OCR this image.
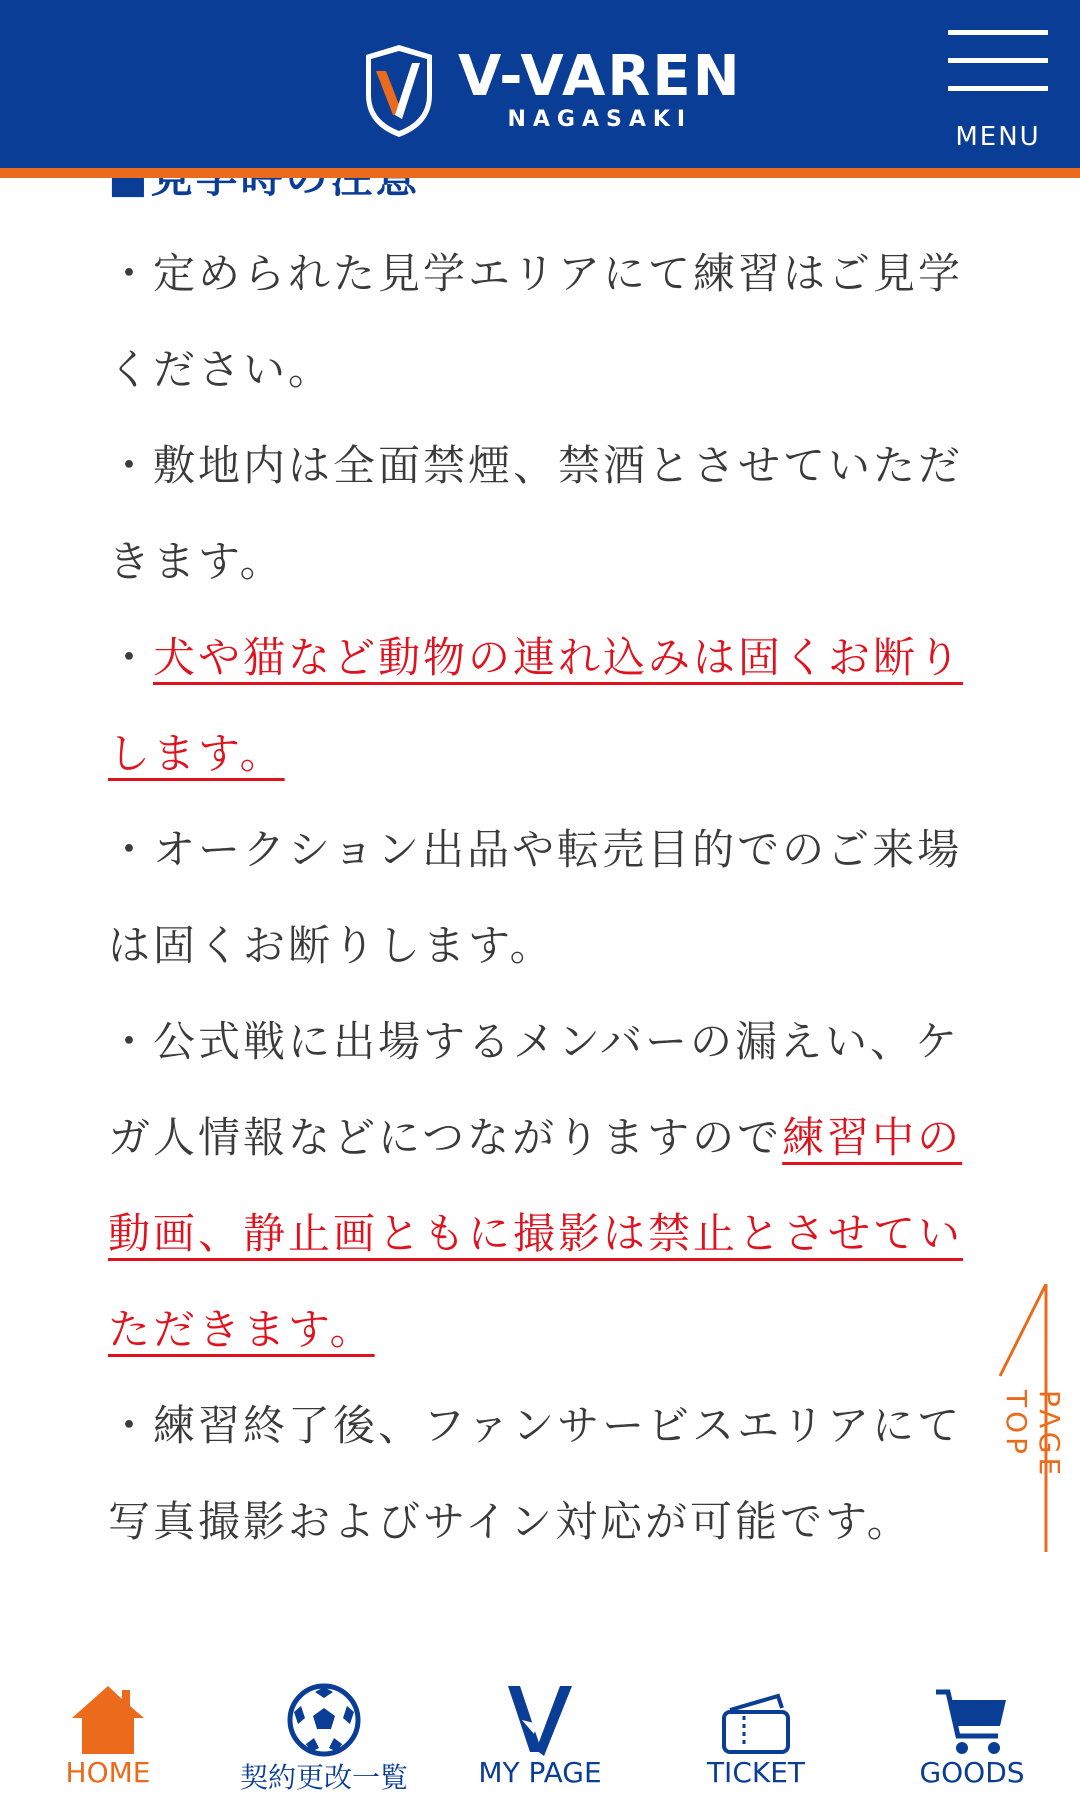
V-VAREN
NAGASAKI
MENU

・定められた見学エリアにて練習はご見学ください。

・敷地内は全面禁煙、禁酒とさせていただきます。

・犬や猫など動物の連れ込みは固くお断りします。

・オークション出品や転売目的でのご来場は固くお断りします。

・公式戦に出場するメンバーの漏えい、ケガ人情報などにつながりますので練習中の動画、静止画ともに撮影は禁止とさせていただきます。

・練習終了後、ファンサービスエリアにて写真撮影およびサイン対応が可能です。

PAGE TOP
HOME	契約更改一覧	MY PAGE	TICKET	GOODS
